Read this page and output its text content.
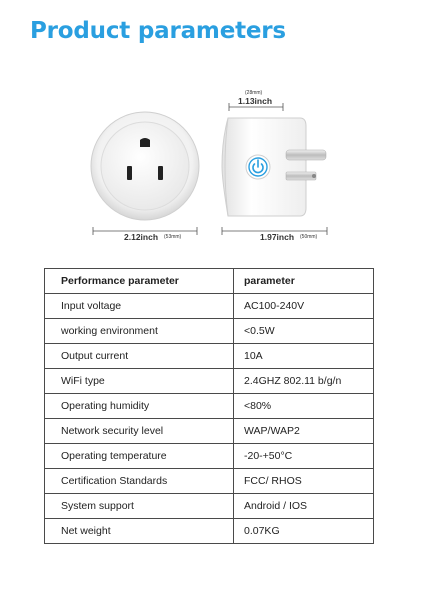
Product parameters
(28mm)
1.13inch
2.12inch (53mm)	1.97inch (50mm)
Performance parameter	parameter
Input voltage	AC100-240V
working environment	<0.5W
Output current	10A
WiFi type	2.4GHZ 802.11 b/g/n
Operating humidity	<80%
Network security level	WAP/WAP2
Operating temperature	-20-+50°C
Certification Standards	FCC/ RHOS
System support	Android / IOS
Net weight	0.07KG
